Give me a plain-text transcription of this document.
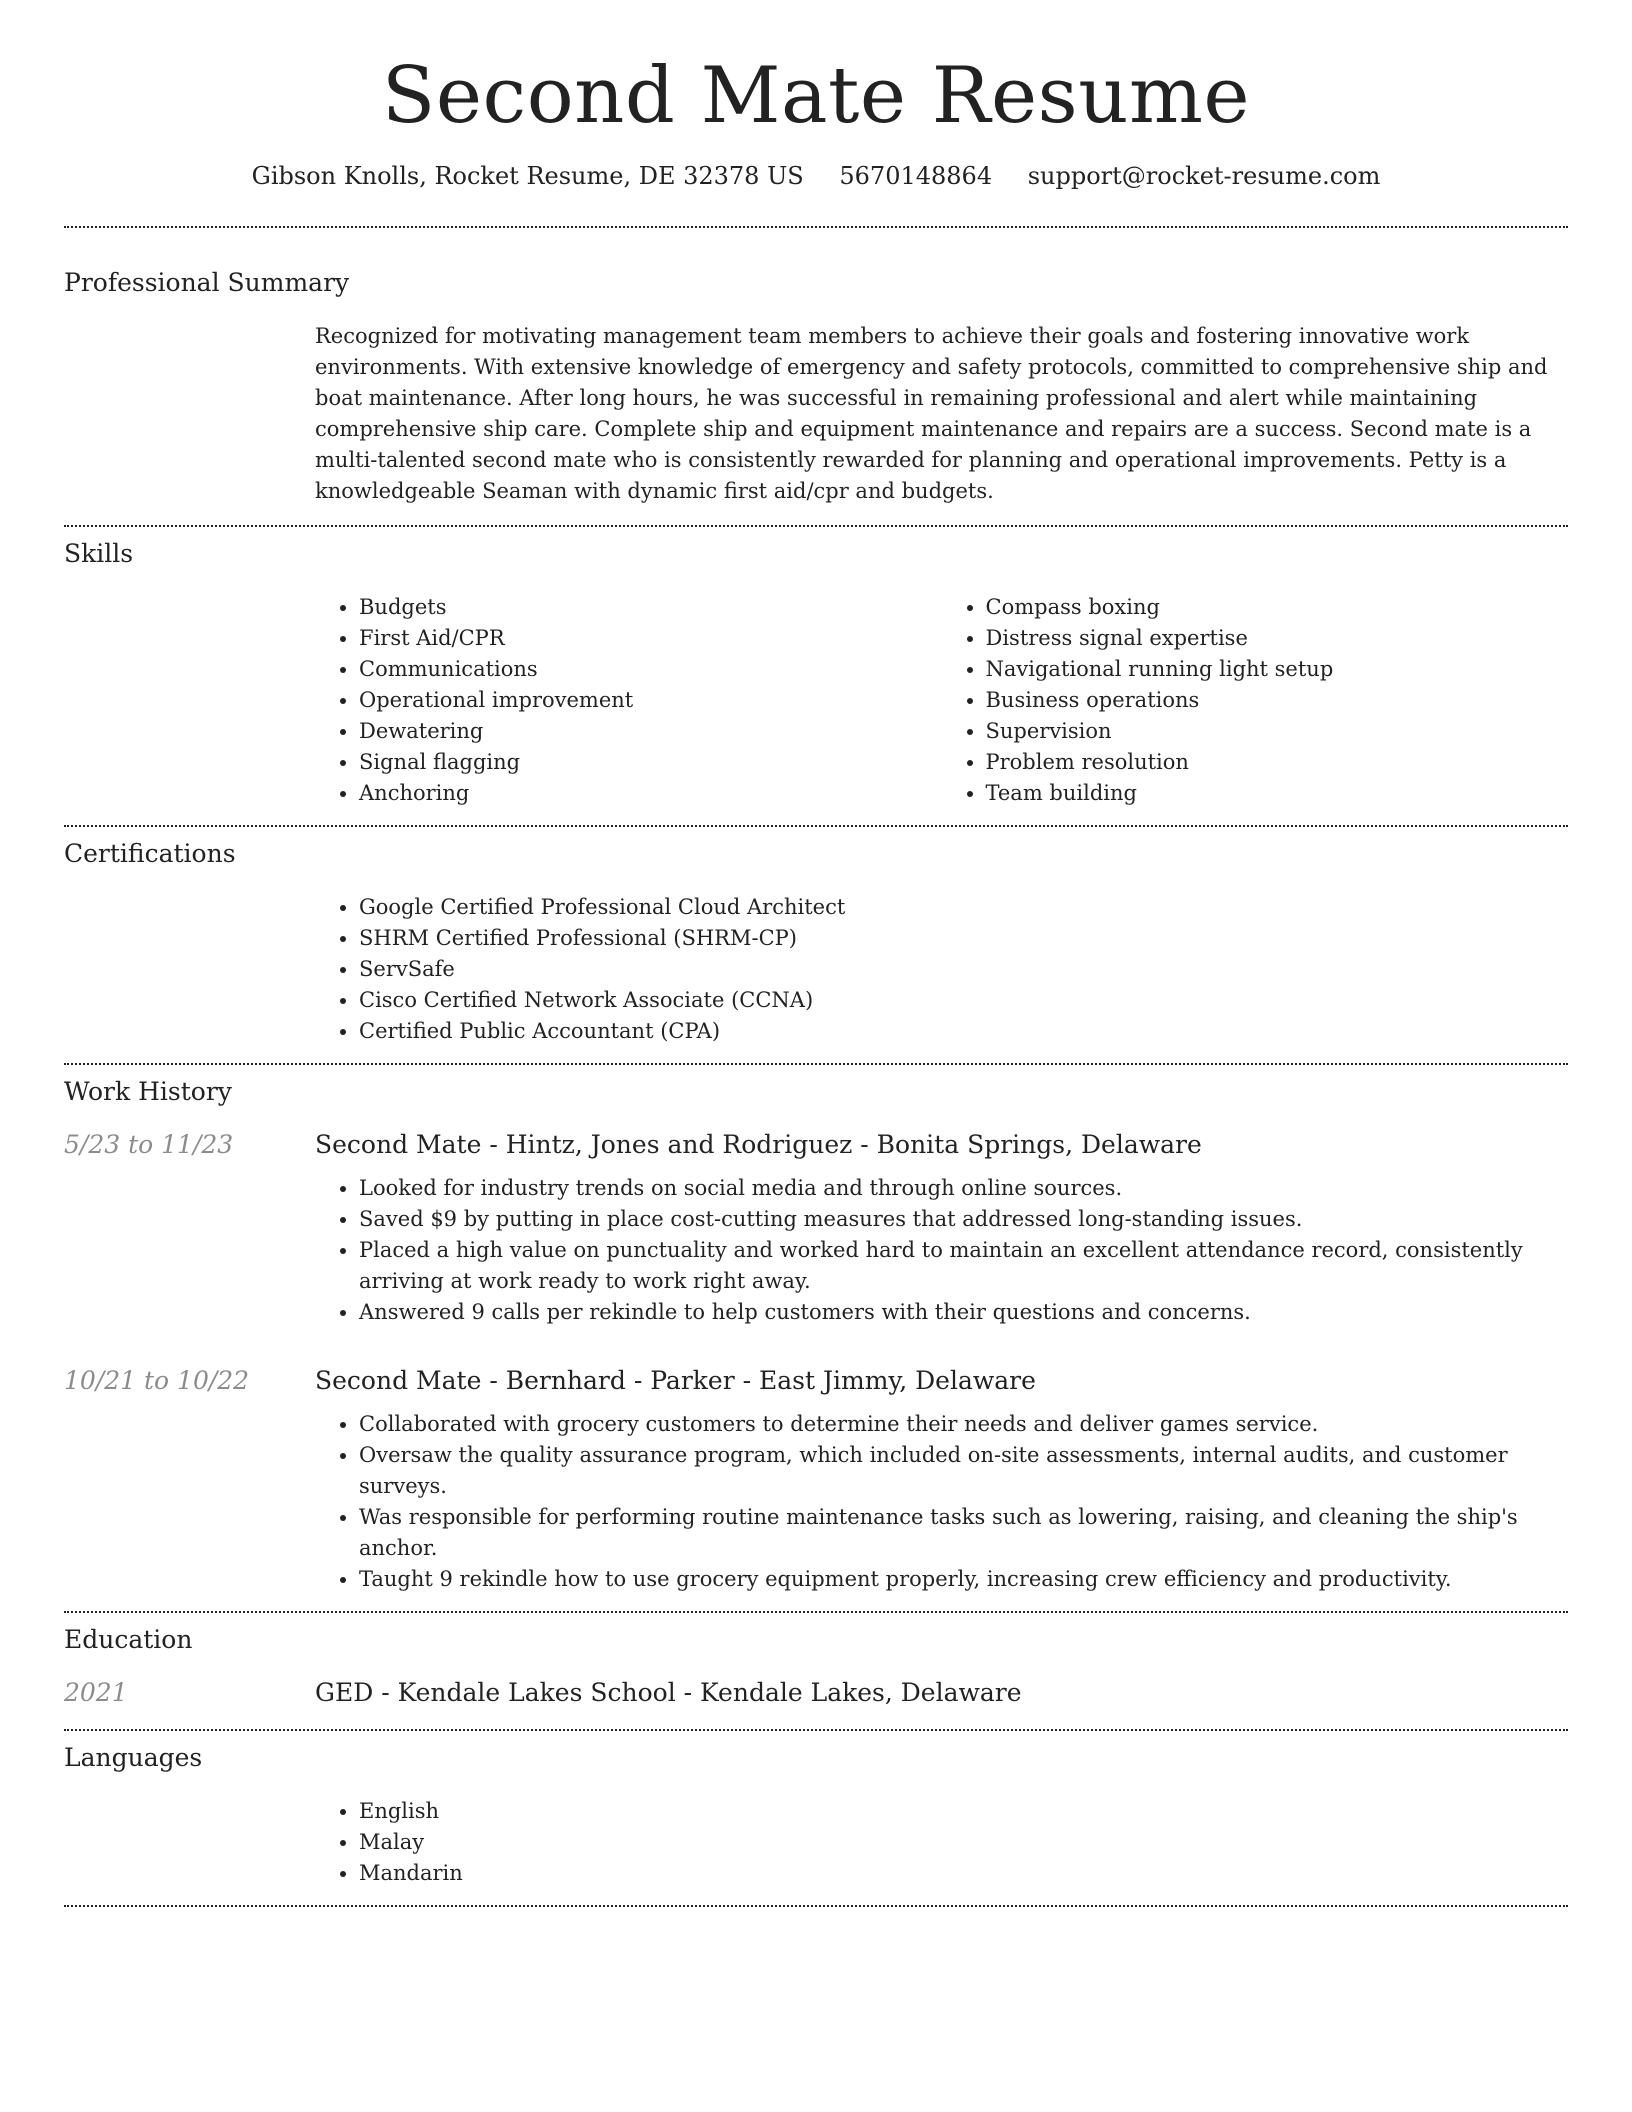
Second Mate Resume
Gibson Knolls, Rocket Resume, DE 32378 US 5670148864 support@rocket-resume.com
Professional Summary
Recognized for motivating management team members to achieve their goals and fostering innovative work environments. With extensive knowledge of emergency and safety protocols, committed to comprehensive ship and boat maintenance. After long hours, he was successful in remaining professional and alert while maintaining comprehensive ship care. Complete ship and equipment maintenance and repairs are a success. Second mate is a multi-talented second mate who is consistently rewarded for planning and operational improvements. Petty is a knowledgeable Seaman with dynamic first aid/cpr and budgets.
Skills
• Budgets
• First Aid/CPR
• Communications
• Operational improvement
• Dewatering
• Signal flagging
• Anchoring
• Compass boxing
• Distress signal expertise
• Navigational running light setup
• Business operations
• Supervision
• Problem resolution
• Team building
Certifications
• Google Certified Professional Cloud Architect
• SHRM Certified Professional (SHRM-CP)
• ServSafe
• Cisco Certified Network Associate (CCNA)
• Certified Public Accountant (CPA)
Work History
5/23 to 11/23	Second Mate - Hintz, Jones and Rodriguez - Bonita Springs, Delaware
• Looked for industry trends on social media and through online sources.
• Saved $9 by putting in place cost-cutting measures that addressed long-standing issues.
• Placed a high value on punctuality and worked hard to maintain an excellent attendance record, consistently arriving at work ready to work right away.
• Answered 9 calls per rekindle to help customers with their questions and concerns.
10/21 to 10/22	Second Mate - Bernhard - Parker - East Jimmy, Delaware
• Collaborated with grocery customers to determine their needs and deliver games service.
• Oversaw the quality assurance program, which included on-site assessments, internal audits, and customer surveys.
• Was responsible for performing routine maintenance tasks such as lowering, raising, and cleaning the ship's anchor.
• Taught 9 rekindle how to use grocery equipment properly, increasing crew efficiency and productivity.
Education
2021	GED - Kendale Lakes School - Kendale Lakes, Delaware
Languages
• English
• Malay
• Mandarin
